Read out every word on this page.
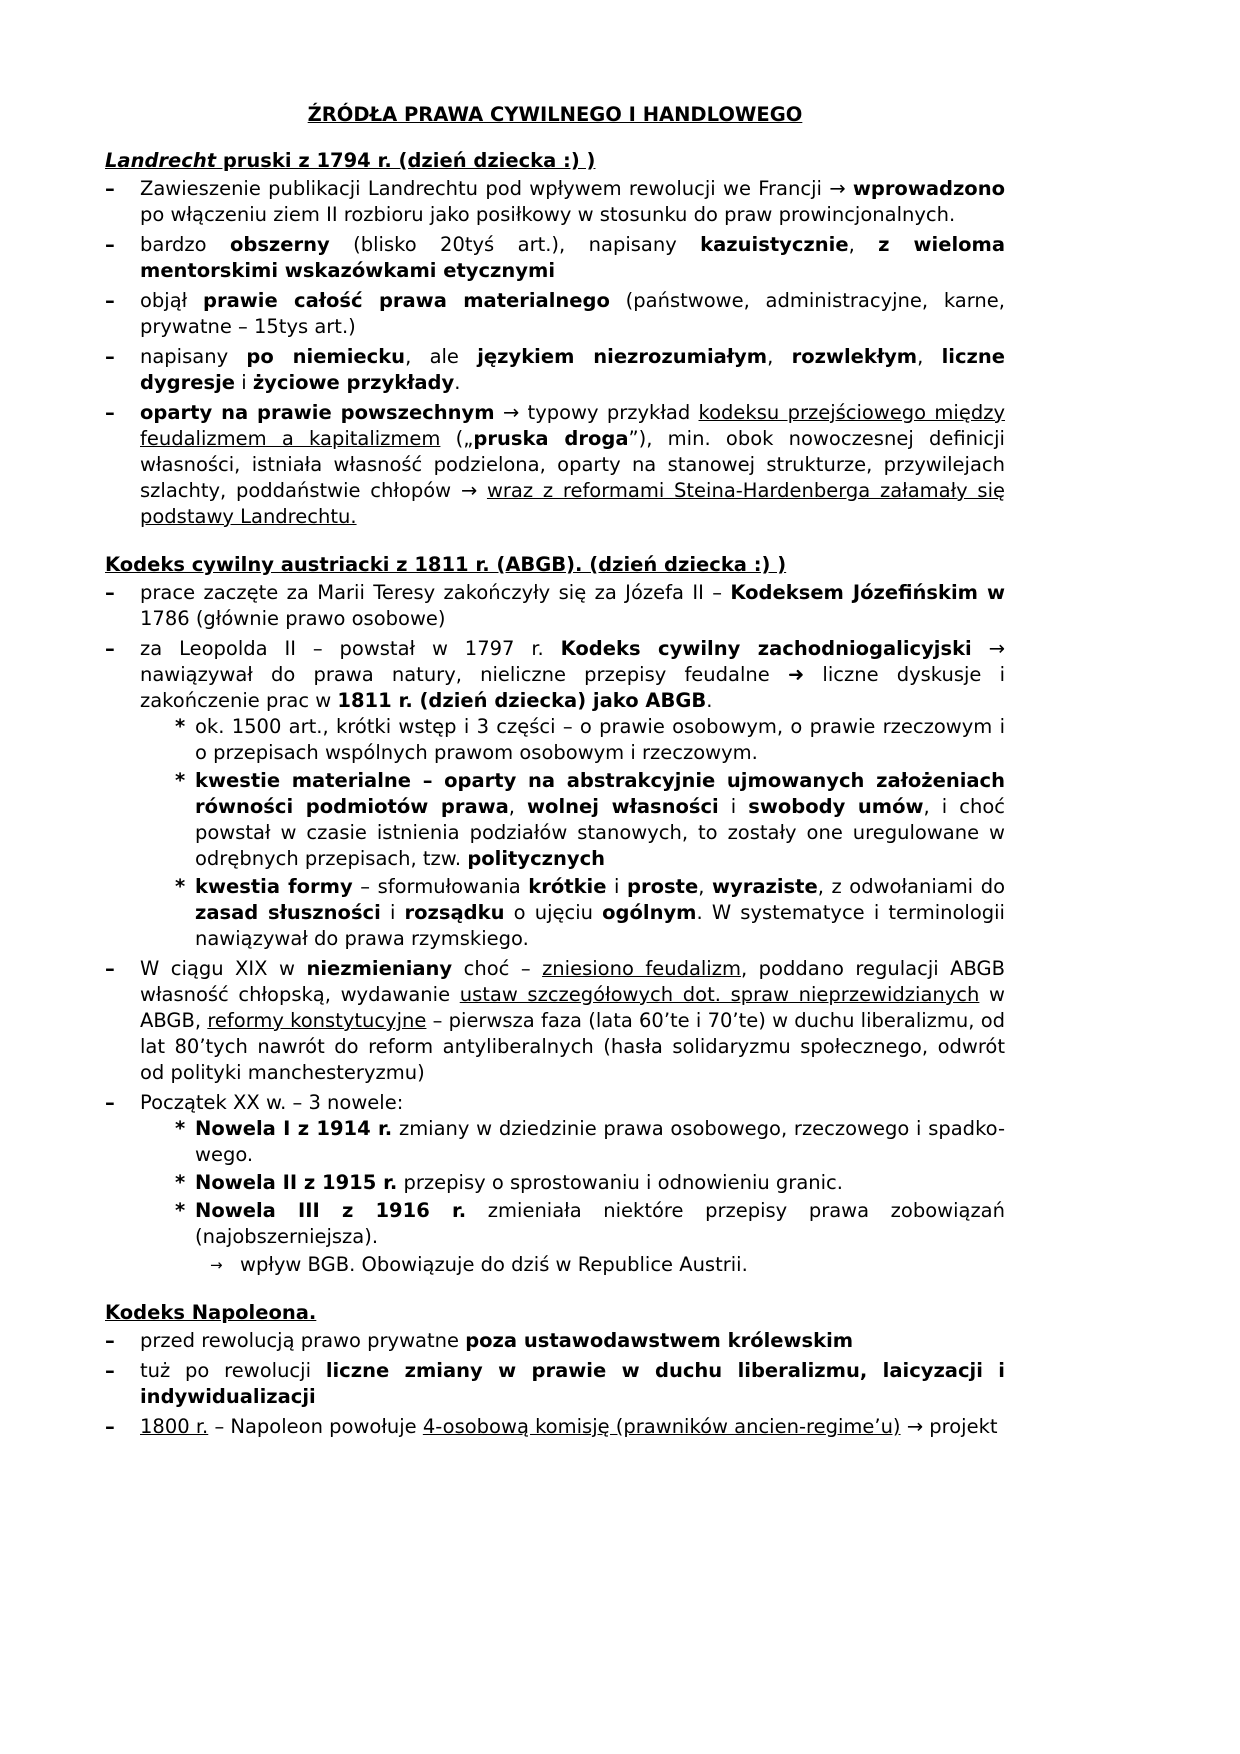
ŹRÓDŁA PRAWA CYWILNEGO I HANDLOWEGO
Landrecht pruski z 1794 r. (dzień dziecka :) )
– Zawieszenie publikacji Landrechtu pod wpływem rewolucji we Francji → wprowadzono po włączeniu ziem II rozbioru jako posiłkowy w stosunku do praw prowincjonalnych.
– bardzo obszerny (blisko 20tyś art.), napisany kazuistycznie, z wieloma mentorskimi wskazówkami etycznymi
– objął prawie całość prawa materialnego (państwowe, administracyjne, karne, prywatne – 15tys art.)
– napisany po niemiecku, ale językiem niezrozumiałym, rozwlekłym, liczne dygresje i życiowe przykłady.
– oparty na prawie powszechnym → typowy przykład kodeksu przejściowego między feudalizmem a kapitalizmem („pruska droga”), min. obok nowoczesnej definicji własności, istniała własność podzielona, oparty na stanowej strukturze, przywilejach szlachty, poddaństwie chłopów → wraz z reformami Steina-Hardenberga załamały się podstawy Landrechtu.
Kodeks cywilny austriacki z 1811 r. (ABGB). (dzień dziecka :) )
– prace zaczęte za Marii Teresy zakończyły się za Józefa II – Kodeksem Józefińskim w 1786 (głównie prawo osobowe)
– za Leopolda II – powstał w 1797 r. Kodeks cywilny zachodniogalicyjski → nawiązywał do prawa natury, nieliczne przepisy feudalne ➜ liczne dyskusje i zakończenie prac w 1811 r. (dzień dziecka) jako ABGB.
* ok. 1500 art., krótki wstęp i 3 części – o prawie osobowym, o prawie rzeczowym i o przepisach wspólnych prawom osobowym i rzeczowym.
* kwestie materialne – oparty na abstrakcyjnie ujmowanych założeniach równości podmiotów prawa, wolnej własności i swobody umów, i choć powstał w czasie istnienia podziałów stanowych, to zostały one uregulowane w odrębnych przepisach, tzw. politycznych
* kwestia formy – sformułowania krótkie i proste, wyraziste, z odwołaniami do zasad słuszności i rozsądku o ujęciu ogólnym. W systematyce i terminologii nawiązywał do prawa rzymskiego.
– W ciągu XIX w niezmieniany choć – zniesiono feudalizm, poddano regulacji ABGB własność chłopską, wydawanie ustaw szczegółowych dot. spraw nieprzewidzianych w ABGB, reformy konstytucyjne – pierwsza faza (lata 60’te i 70’te) w duchu liberalizmu, od lat 80’tych nawrót do reform antyliberalnych (hasła solidaryzmu społecznego, odwrót od polityki manchesteryzmu)
– Początek XX w. – 3 nowele:
* Nowela I z 1914 r. zmiany w dziedzinie prawa osobowego, rzeczowego i spadko-wego.
* Nowela II z 1915 r. przepisy o sprostowaniu i odnowieniu granic.
* Nowela III z 1916 r. zmieniała niektóre przepisy prawa zobowiązań (najobszerniejsza).
→ wpływ BGB. Obowiązuje do dziś w Republice Austrii.
Kodeks Napoleona.
– przed rewolucją prawo prywatne poza ustawodawstwem królewskim
– tuż po rewolucji liczne zmiany w prawie w duchu liberalizmu, laicyzacji i indywidualizacji
– 1800 r. – Napoleon powołuje 4-osobową komisję (prawników ancien-regime’u) → projekt
